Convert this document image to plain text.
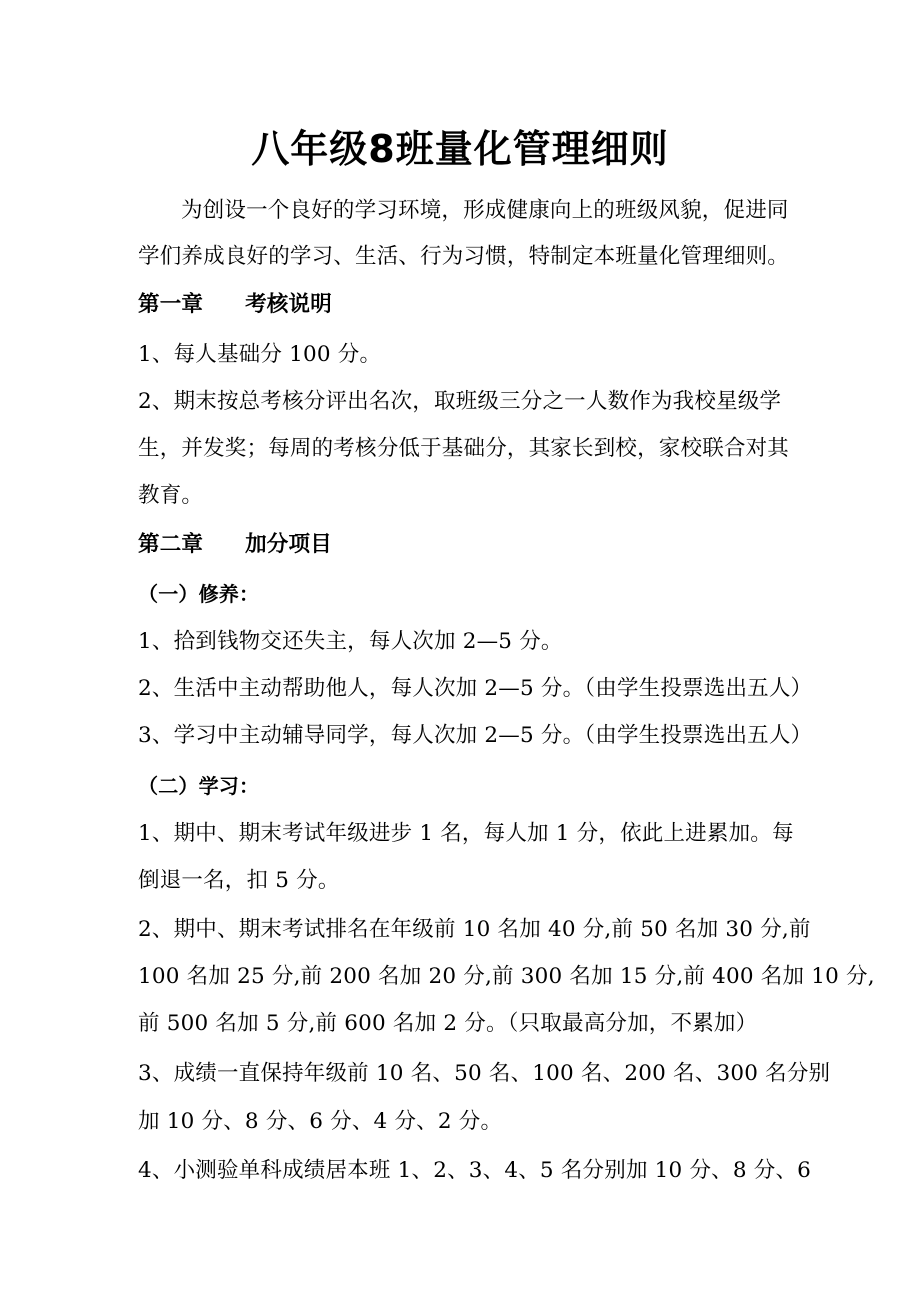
八年级8班量化管理细则
为创设一个良好的学习环境，形成健康向上的班级风貌，促进同
学们养成良好的学习、生活、行为习惯，特制定本班量化管理细则。
第一章 考核说明
1、每人基础分 100 分。
2、期末按总考核分评出名次，取班级三分之一人数作为我校星级学
生，并发奖；每周的考核分低于基础分，其家长到校，家校联合对其
教育。
第二章 加分项目
（一）修养：
1、拾到钱物交还失主，每人次加 2—5 分。
2、生活中主动帮助他人，每人次加 2—5 分。（由学生投票选出五人）
3、学习中主动辅导同学，每人次加 2—5 分。（由学生投票选出五人）
（二）学习：
1、期中、期末考试年级进步 1 名，每人加 1 分，依此上进累加。每
倒退一名，扣 5 分。
2、期中、期末考试排名在年级前 10 名加 40 分,前 50 名加 30 分,前
100 名加 25 分,前 200 名加 20 分,前 300 名加 15 分,前 400 名加 10 分,
前 500 名加 5 分,前 600 名加 2 分。（只取最高分加，不累加）
3、成绩一直保持年级前 10 名、50 名、100 名、200 名、300 名分别
加 10 分、8 分、6 分、4 分、2 分。
4、小测验单科成绩居本班 1、2、3、4、5 名分别加 10 分、8 分、6
